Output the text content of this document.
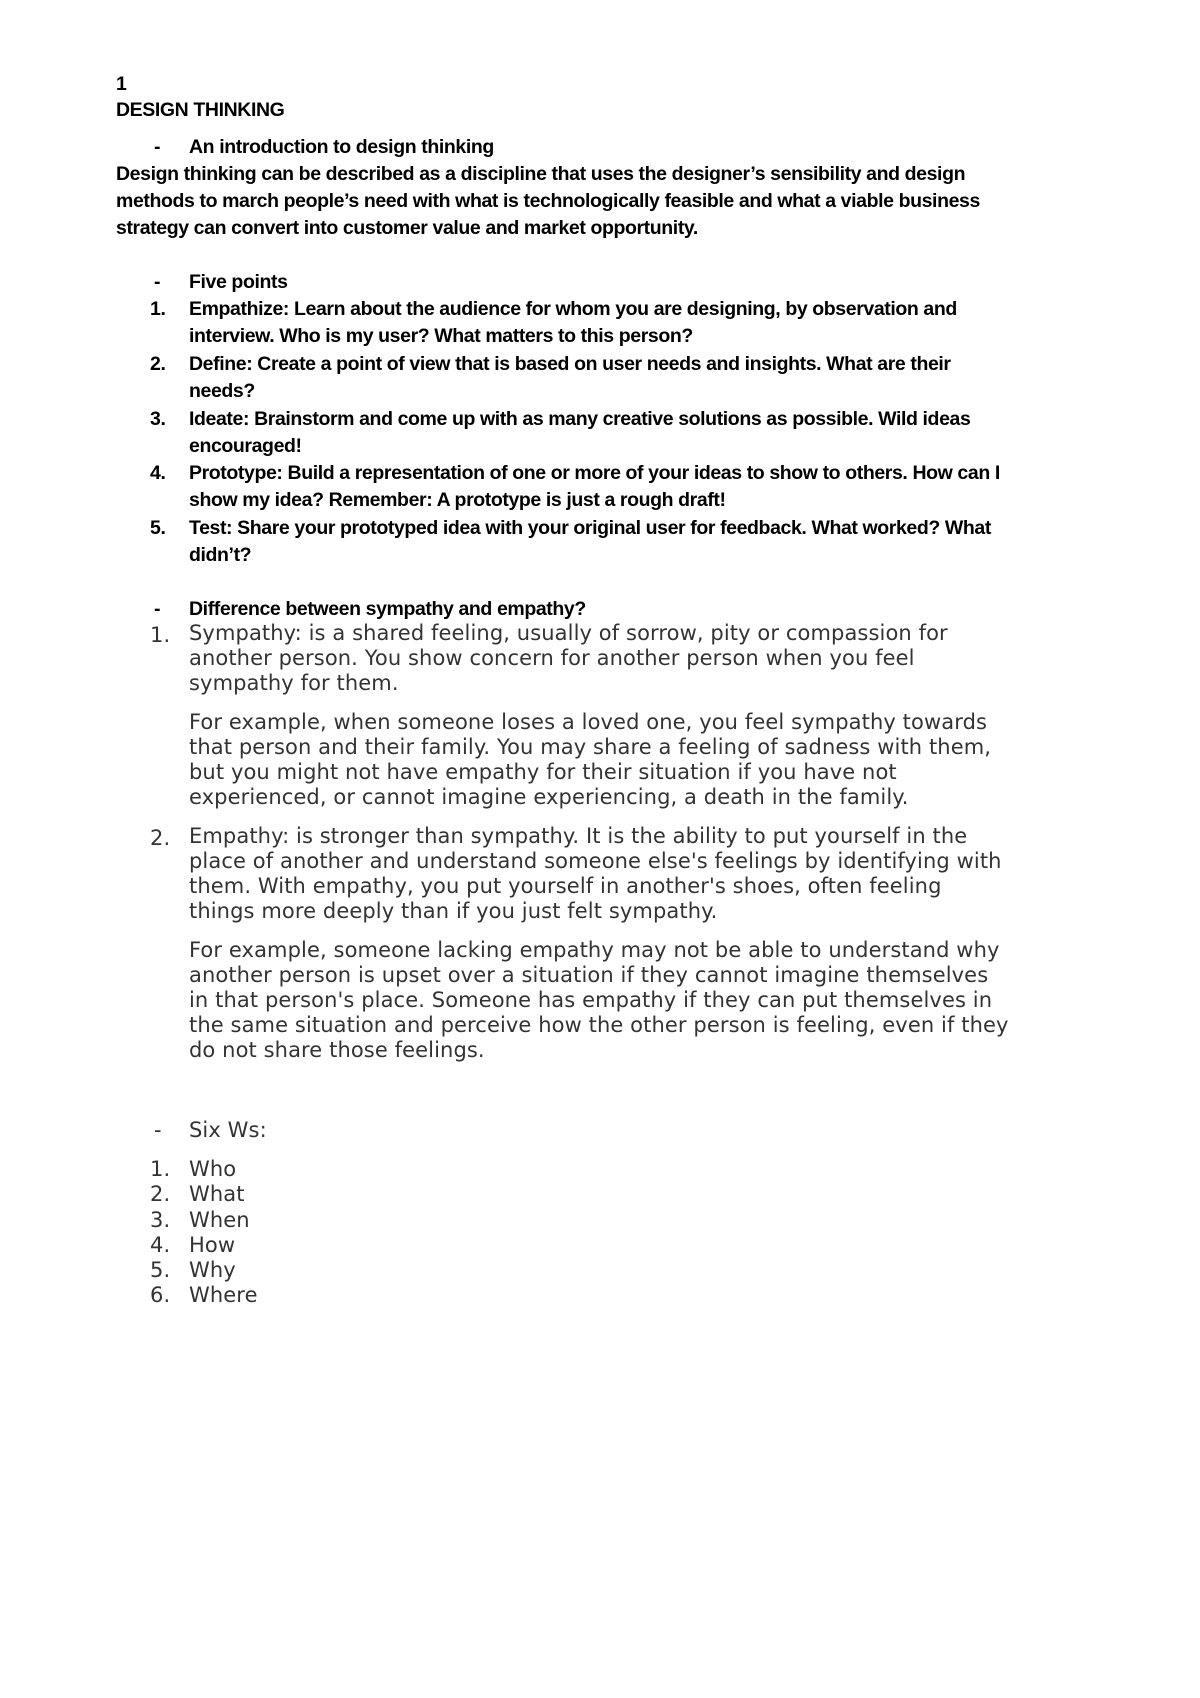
1
DESIGN THINKING
- An introduction to design thinking
Design thinking can be described as a discipline that uses the designer’s sensibility and design
methods to march people’s need with what is technologically feasible and what a viable business
strategy can convert into customer value and market opportunity.
- Five points
1. Empathize: Learn about the audience for whom you are designing, by observation and
interview. Who is my user? What matters to this person?
2. Define: Create a point of view that is based on user needs and insights. What are their
needs?
3. Ideate: Brainstorm and come up with as many creative solutions as possible. Wild ideas
encouraged!
4. Prototype: Build a representation of one or more of your ideas to show to others. How can I
show my idea? Remember: A prototype is just a rough draft!
5. Test: Share your prototyped idea with your original user for feedback. What worked? What
didn’t?
- Difference between sympathy and empathy?
1. Sympathy: is a shared feeling, usually of sorrow, pity or compassion for
another person. You show concern for another person when you feel
sympathy for them.
For example, when someone loses a loved one, you feel sympathy towards
that person and their family. You may share a feeling of sadness with them,
but you might not have empathy for their situation if you have not
experienced, or cannot imagine experiencing, a death in the family.
2. Empathy: is stronger than sympathy. It is the ability to put yourself in the
place of another and understand someone else's feelings by identifying with
them. With empathy, you put yourself in another's shoes, often feeling
things more deeply than if you just felt sympathy.
For example, someone lacking empathy may not be able to understand why
another person is upset over a situation if they cannot imagine themselves
in that person's place. Someone has empathy if they can put themselves in
the same situation and perceive how the other person is feeling, even if they
do not share those feelings.
- Six Ws:
1. Who
2. What
3. When
4. How
5. Why
6. Where
